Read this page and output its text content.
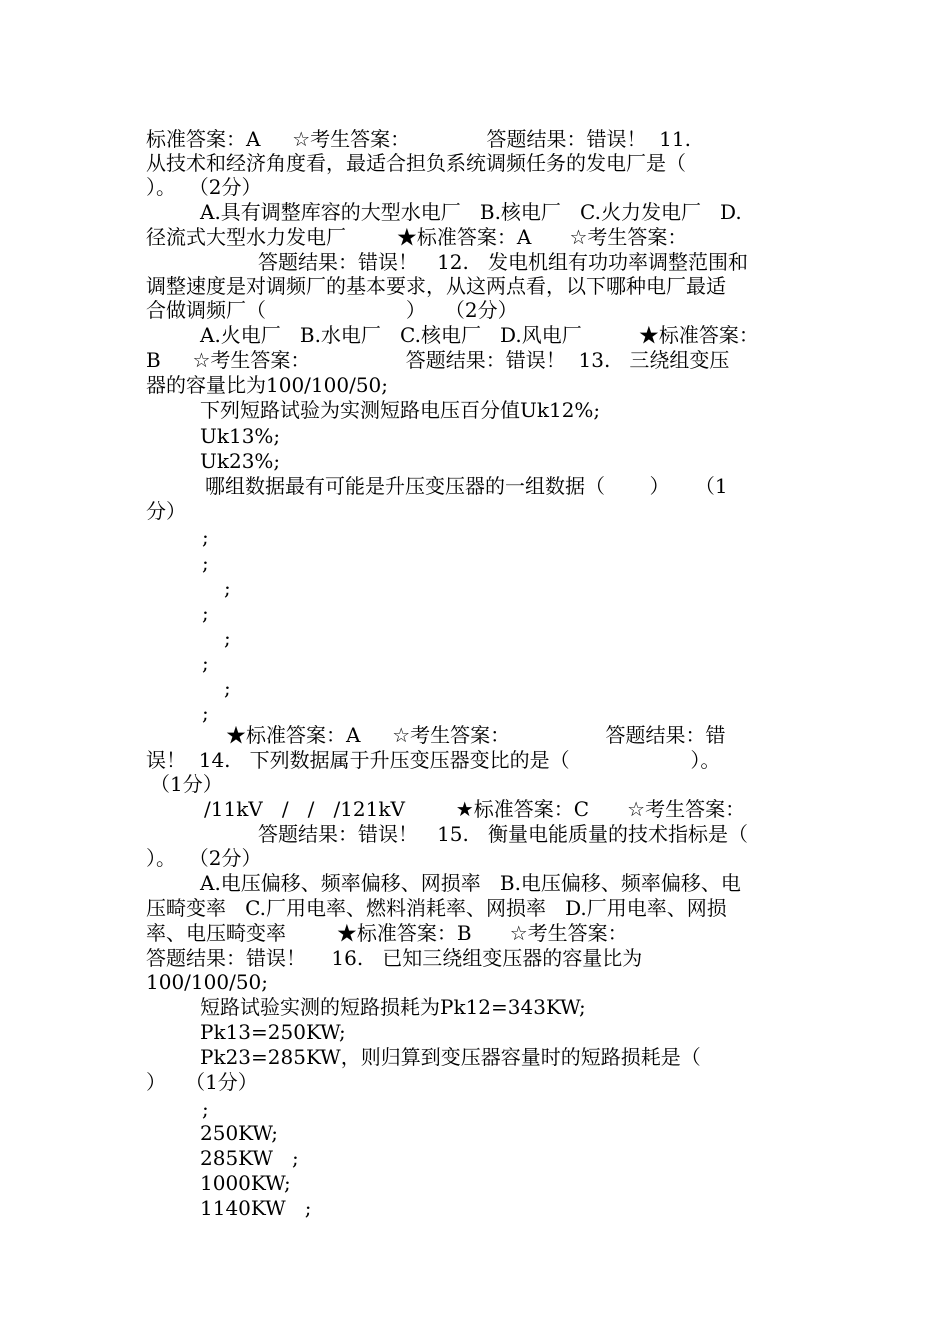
标准答案：A     ☆考生答案：            答题结果：错误！  11.
从技术和经济角度看，最适合担负系统调频任务的发电厂是（
）。  （2分）
A.具有调整库容的大型水电厂   B.核电厂   C.火力发电厂   D.
径流式大型水力发电厂        ★标准答案：A      ☆考生答案：
答题结果：错误！   12.   发电机组有功功率调整范围和
调整速度是对调频厂的基本要求，从这两点看，以下哪种电厂最适
合做调频厂（                      ）   （2分）
A.火电厂   B.水电厂   C.核电厂   D.风电厂         ★标准答案：
B     ☆考生答案：               答题结果：错误！  13.   三绕组变压
器的容量比为100/100/50;
下列短路试验为实测短路电压百分值Uk12%;
Uk13%;
Uk23%;
哪组数据最有可能是升压变压器的一组数据（       ）    （1
分）
;
;
;
;
;
;
;
;
★标准答案：A     ☆考生答案：               答题结果：错
误！  14.   下列数据属于升压变压器变比的是（                   ）。
（1分）
/11kV   /   /   /121kV        ★标准答案：C      ☆考生答案：
答题结果：错误！   15.   衡量电能质量的技术指标是（
）。  （2分）
A.电压偏移、频率偏移、网损率   B.电压偏移、频率偏移、电
压畸变率   C.厂用电率、燃料消耗率、网损率   D.厂用电率、网损
率、电压畸变率        ★标准答案：B      ☆考生答案：
答题结果：错误！    16.   已知三绕组变压器的容量比为
100/100/50;
短路试验实测的短路损耗为Pk12=343KW;
Pk13=250KW;
Pk23=285KW，则归算到变压器容量时的短路损耗是（
）   （1分）
;
250KW;
285KW   ;
1000KW;
1140KW   ;
